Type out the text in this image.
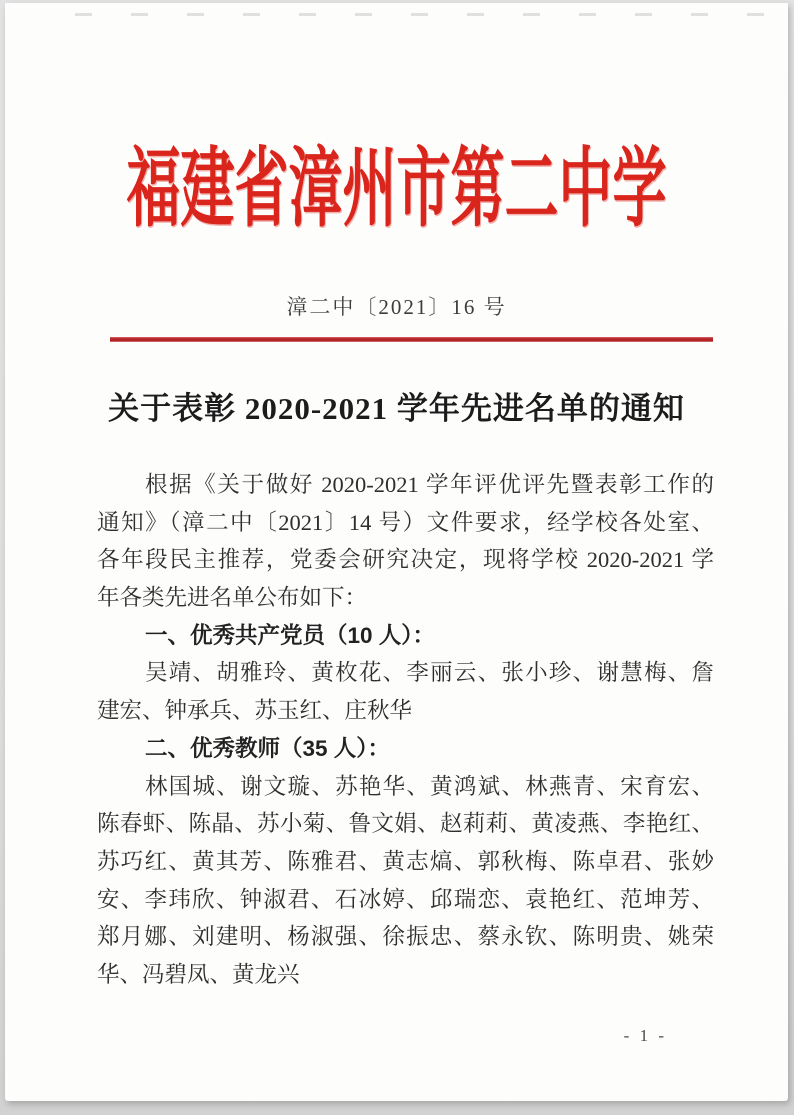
福建省漳州市第二中学
漳二中〔2021〕16 号
关于表彰 2020-2021 学年先进名单的通知
根据《关于做好 2020-2021 学年评优评先暨表彰工作的
通知》（漳二中〔2021〕14 号）文件要求，经学校各处室、
各年段民主推荐，党委会研究决定，现将学校 2020-2021 学
年各类先进名单公布如下：
一、优秀共产党员（10 人）：
吴靖、胡雅玲、黄枚花、李丽云、张小珍、谢慧梅、詹
建宏、钟承兵、苏玉红、庄秋华
二、优秀教师（35 人）：
林国城、谢文璇、苏艳华、黄鸿斌、林燕青、宋育宏、
陈春虾、陈晶、苏小菊、鲁文娟、赵莉莉、黄凌燕、李艳红、
苏巧红、黄其芳、陈雅君、黄志熇、郭秋梅、陈卓君、张妙
安、李玮欣、钟淑君、石冰婷、邱瑞恋、袁艳红、范坤芳、
郑月娜、刘建明、杨淑强、徐振忠、蔡永钦、陈明贵、姚荣
华、冯碧凤、黄龙兴
- 1 -
